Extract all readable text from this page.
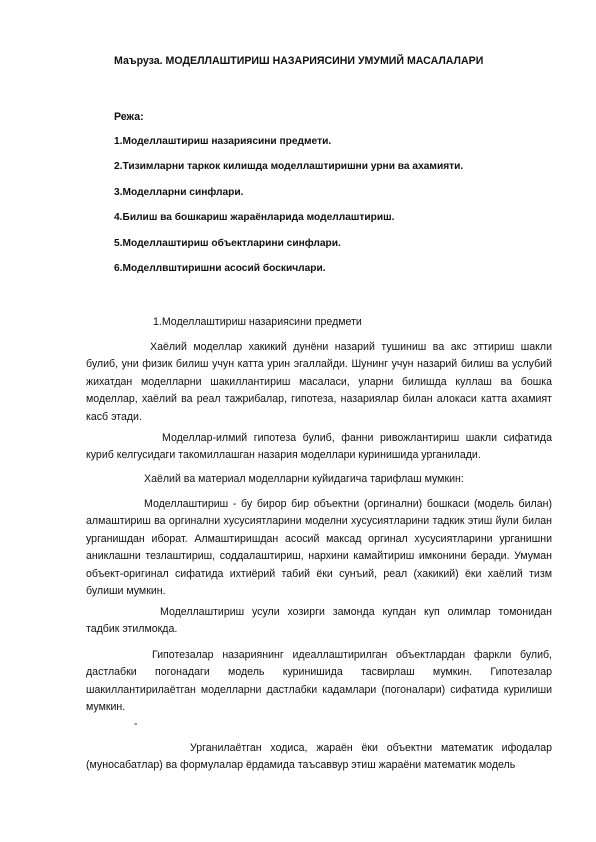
Маъруза. МОДЕЛЛАШТИРИШ НАЗАРИЯСИНИ УМУМИЙ МАСАЛАЛАРИ
Режа:
1.Моделлаштириш назариясини предмети.
2.Тизимларни таркок килишда моделлаштиришни урни ва ахамияти.
3.Моделларни синфлари.
4.Билиш ва бошкариш жараёнларида моделлаштириш.
5.Моделлаштириш объектларини синфлари.
6.Моделлвштиришни асосий боскичлари.
1.Моделлаштириш назариясини предмети

Хаёлий моделлар хакикий дунёни назарий тушиниш ва акс эттириш шакли булиб, уни физик билиш учун катта урин эгаллайди. Шунинг учун назарий билиш ва услубий жихатдан моделларни шакиллантириш масаласи, уларни билишда куллаш ва бошка моделлар, хаёлий ва реал тажрибалар, гипотеза, назариялар билан алокаси катта ахамият касб этади.

Моделлар-илмий гипотеза булиб, фанни ривожлантириш шакли сифатида куриб келгусидаги такомиллашган назария моделлари куринишида урганилади.

Хаёлий ва материал моделларни куйидагича тарифлаш мумкин:

Моделлаштириш - бу бирор бир объектни (оргинални) бошкаси (модель билан) алмаштириш ва оргинални хусусиятларини моделни хусусиятларини тадкик этиш йули билан урганишдан иборат. Алмаштиришдан асосий максад оргинал хусусиятларини урганишни аниклашни тезлаштириш, соддалаштириш, нархини камайтириш имконини беради. Умуман объект-оригинал сифатида ихтиёрий табий ёки сунъий, реал (хакикий) ёки хаёлий тизм булиши мумкин.

Моделлаштириш усули хозирги замонда купдан куп олимлар томонидан тадбик этилмокда.

Гипотезалар назариянинг идеаллаштирилган объектлардан фаркли булиб, дастлабки погонадаги модель куринишида тасвирлаш мумкин. Гипотезалар шакиллантирилаётган моделларни дастлабки кадамлари (погоналари) сифатида курилиши мумкин.

-

Урганилаётган ходиса, жараён ёки объектни математик ифодалар (муносабатлар) ва формулалар ёрдамида таъсаввур этиш жараёни математик модель
